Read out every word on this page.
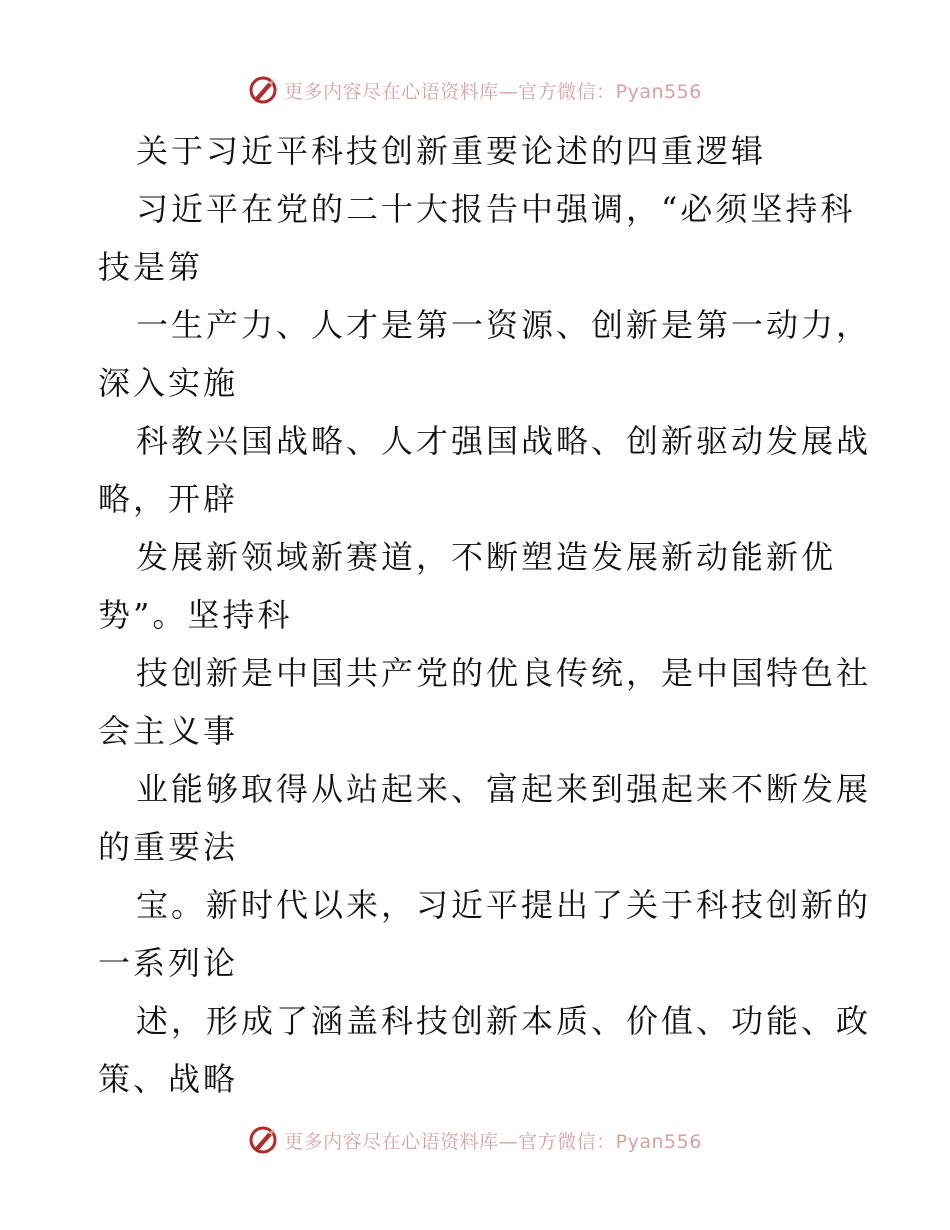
更多内容尽在心语资料库—官方微信：Pyan556
关于习近平科技创新重要论述的四重逻辑
习近平在党的二十大报告中强调，“必须坚持科
技是第
一生产力、人才是第一资源、创新是第一动力，
深入实施
科教兴国战略、人才强国战略、创新驱动发展战
略，开辟
发展新领域新赛道，不断塑造发展新动能新优
势”。坚持科
技创新是中国共产党的优良传统，是中国特色社
会主义事
业能够取得从站起来、富起来到强起来不断发展
的重要法
宝。新时代以来，习近平提出了关于科技创新的
一系列论
述，形成了涵盖科技创新本质、价值、功能、政
策、战略
更多内容尽在心语资料库—官方微信：Pyan556
